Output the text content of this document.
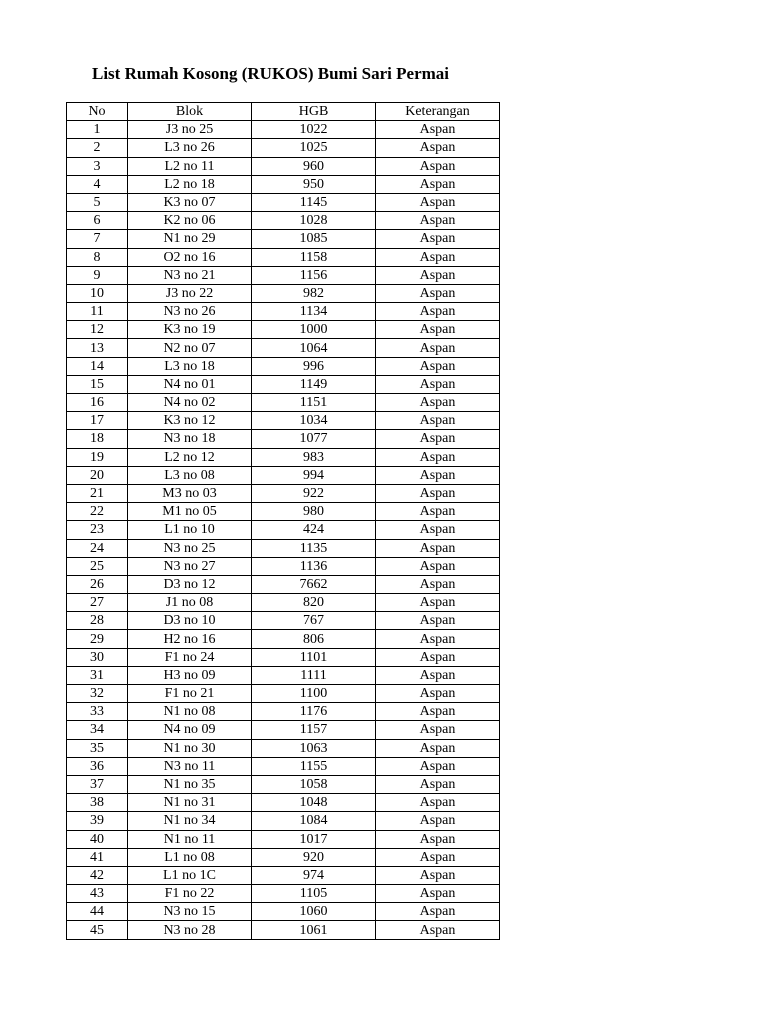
List Rumah Kosong (RUKOS) Bumi Sari Permai
No	Blok	HGB	Keterangan
1	J3 no 25	1022	Aspan
2	L3 no 26	1025	Aspan
3	L2 no 11	960	Aspan
4	L2 no 18	950	Aspan
5	K3 no 07	1145	Aspan
6	K2 no 06	1028	Aspan
7	N1 no 29	1085	Aspan
8	O2 no 16	1158	Aspan
9	N3 no 21	1156	Aspan
10	J3 no 22	982	Aspan
11	N3 no 26	1134	Aspan
12	K3 no 19	1000	Aspan
13	N2 no 07	1064	Aspan
14	L3 no 18	996	Aspan
15	N4 no 01	1149	Aspan
16	N4 no 02	1151	Aspan
17	K3 no 12	1034	Aspan
18	N3 no 18	1077	Aspan
19	L2 no 12	983	Aspan
20	L3 no 08	994	Aspan
21	M3 no 03	922	Aspan
22	M1 no 05	980	Aspan
23	L1 no 10	424	Aspan
24	N3 no 25	1135	Aspan
25	N3 no 27	1136	Aspan
26	D3 no 12	7662	Aspan
27	J1 no 08	820	Aspan
28	D3 no 10	767	Aspan
29	H2 no 16	806	Aspan
30	F1 no 24	1101	Aspan
31	H3 no 09	1111	Aspan
32	F1 no 21	1100	Aspan
33	N1 no 08	1176	Aspan
34	N4 no 09	1157	Aspan
35	N1 no 30	1063	Aspan
36	N3 no 11	1155	Aspan
37	N1 no 35	1058	Aspan
38	N1 no 31	1048	Aspan
39	N1 no 34	1084	Aspan
40	N1 no 11	1017	Aspan
41	L1 no 08	920	Aspan
42	L1 no 1C	974	Aspan
43	F1 no 22	1105	Aspan
44	N3 no 15	1060	Aspan
45	N3 no 28	1061	Aspan
